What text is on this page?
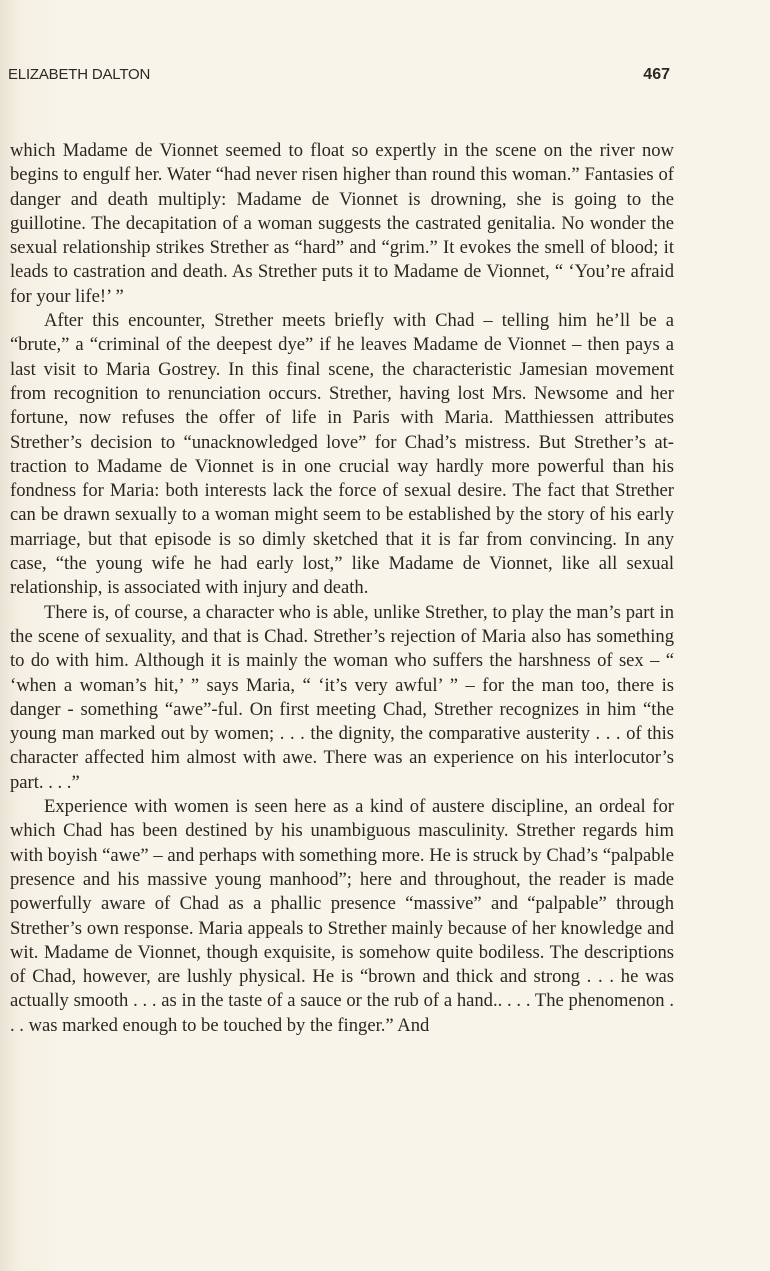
ELIZABETH DALTON	467

which Madame de Vionnet seemed to float so expertly in the scene on the river now begins to engulf her. Water “had never risen higher than round this woman.” Fantasies of danger and death multiply: Madame de Vionnet is drowning, she is going to the guillotine. The decapitation of a woman suggests the castrated genitalia. No wonder the sexual relationship strikes Strether as “hard” and “grim.” It evokes the smell of blood; it leads to castration and death. As Strether puts it to Madame de Vionnet, “ ‘You’re afraid for your life!’ ”

After this encounter, Strether meets briefly with Chad – telling him he’ll be a “brute,” a “criminal of the deepest dye” if he leaves Madame de Vionnet – then pays a last visit to Maria Gostrey. In this final scene, the characteristic Jamesian movement from recognition to renunciation occurs. Strether, having lost Mrs. Newsome and her fortune, now refuses the offer of life in Paris with Maria. Matthiessen attributes Strether’s decision to “unacknowledged love” for Chad’s mistress. But Strether’s attraction to Madame de Vionnet is in one crucial way hardly more powerful than his fondness for Maria: both interests lack the force of sexual desire. The fact that Strether can be drawn sexually to a woman might seem to be established by the story of his early marriage, but that episode is so dimly sketched that it is far from convincing. In any case, “the young wife he had early lost,” like Madame de Vionnet, like all sexual relationship, is associated with injury and death.

There is, of course, a character who is able, unlike Strether, to play the man’s part in the scene of sexuality, and that is Chad. Strether’s rejection of Maria also has something to do with him. Although it is mainly the woman who suffers the harshness of sex – “ ‘when a woman’s hit,’ ” says Maria, “ ‘it’s very awful’ ” – for the man too, there is danger - something “awe”-ful. On first meeting Chad, Strether recognizes in him “the young man marked out by women; . . . the dignity, the comparative austerity . . . of this character affected him almost with awe. There was an experience on his interlocutor’s part. . . .”

Experience with women is seen here as a kind of austere discipline, an ordeal for which Chad has been destined by his unambiguous masculinity. Strether regards him with boyish “awe” – and perhaps with something more. He is struck by Chad’s “palpable presence and his massive young manhood”; here and throughout, the reader is made powerfully aware of Chad as a phallic presence “massive” and “palpable” through Strether’s own response. Maria appeals to Strether mainly because of her knowledge and wit. Madame de Vionnet, though exquisite, is somehow quite bodiless. The descriptions of Chad, however, are lushly physical. He is “brown and thick and strong . . . he was actually smooth . . . as in the taste of a sauce or the rub of a hand.. . . . The phenomenon . . . was marked enough to be touched by the finger.” And
